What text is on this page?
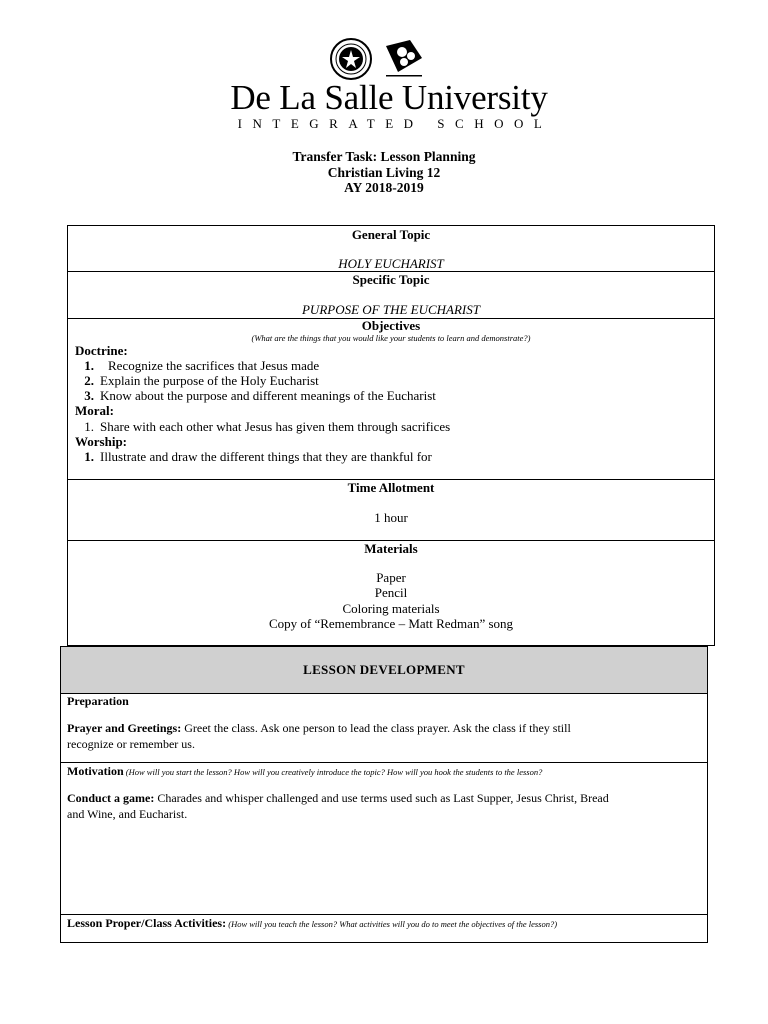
De La Salle University
INTEGRATED SCHOOL
Transfer Task: Lesson Planning
Christian Living 12
AY 2018-2019
General Topic
HOLY EUCHARIST
Specific Topic
PURPOSE OF THE EUCHARIST
Objectives
(What are the things that you would like your students to learn and demonstrate?)
Doctrine:
1. Recognize the sacrifices that Jesus made
2. Explain the purpose of the Holy Eucharist
3. Know about the purpose and different meanings of the Eucharist
Moral:
1. Share with each other what Jesus has given them through sacrifices
Worship:
1. Illustrate and draw the different things that they are thankful for
Time Allotment
1 hour
Materials
Paper
Pencil
Coloring materials
Copy of “Remembrance – Matt Redman” song
LESSON DEVELOPMENT
Preparation
Prayer and Greetings: Greet the class. Ask one person to lead the class prayer. Ask the class if they still
recognize or remember us.
Motivation (How will you start the lesson? How will you creatively introduce the topic? How will you hook the students to the lesson?
Conduct a game: Charades and whisper challenged and use terms used such as Last Supper, Jesus Christ, Bread
and Wine, and Eucharist.
Lesson Proper/Class Activities: (How will you teach the lesson? What activities will you do to meet the objectives of the lesson?)
